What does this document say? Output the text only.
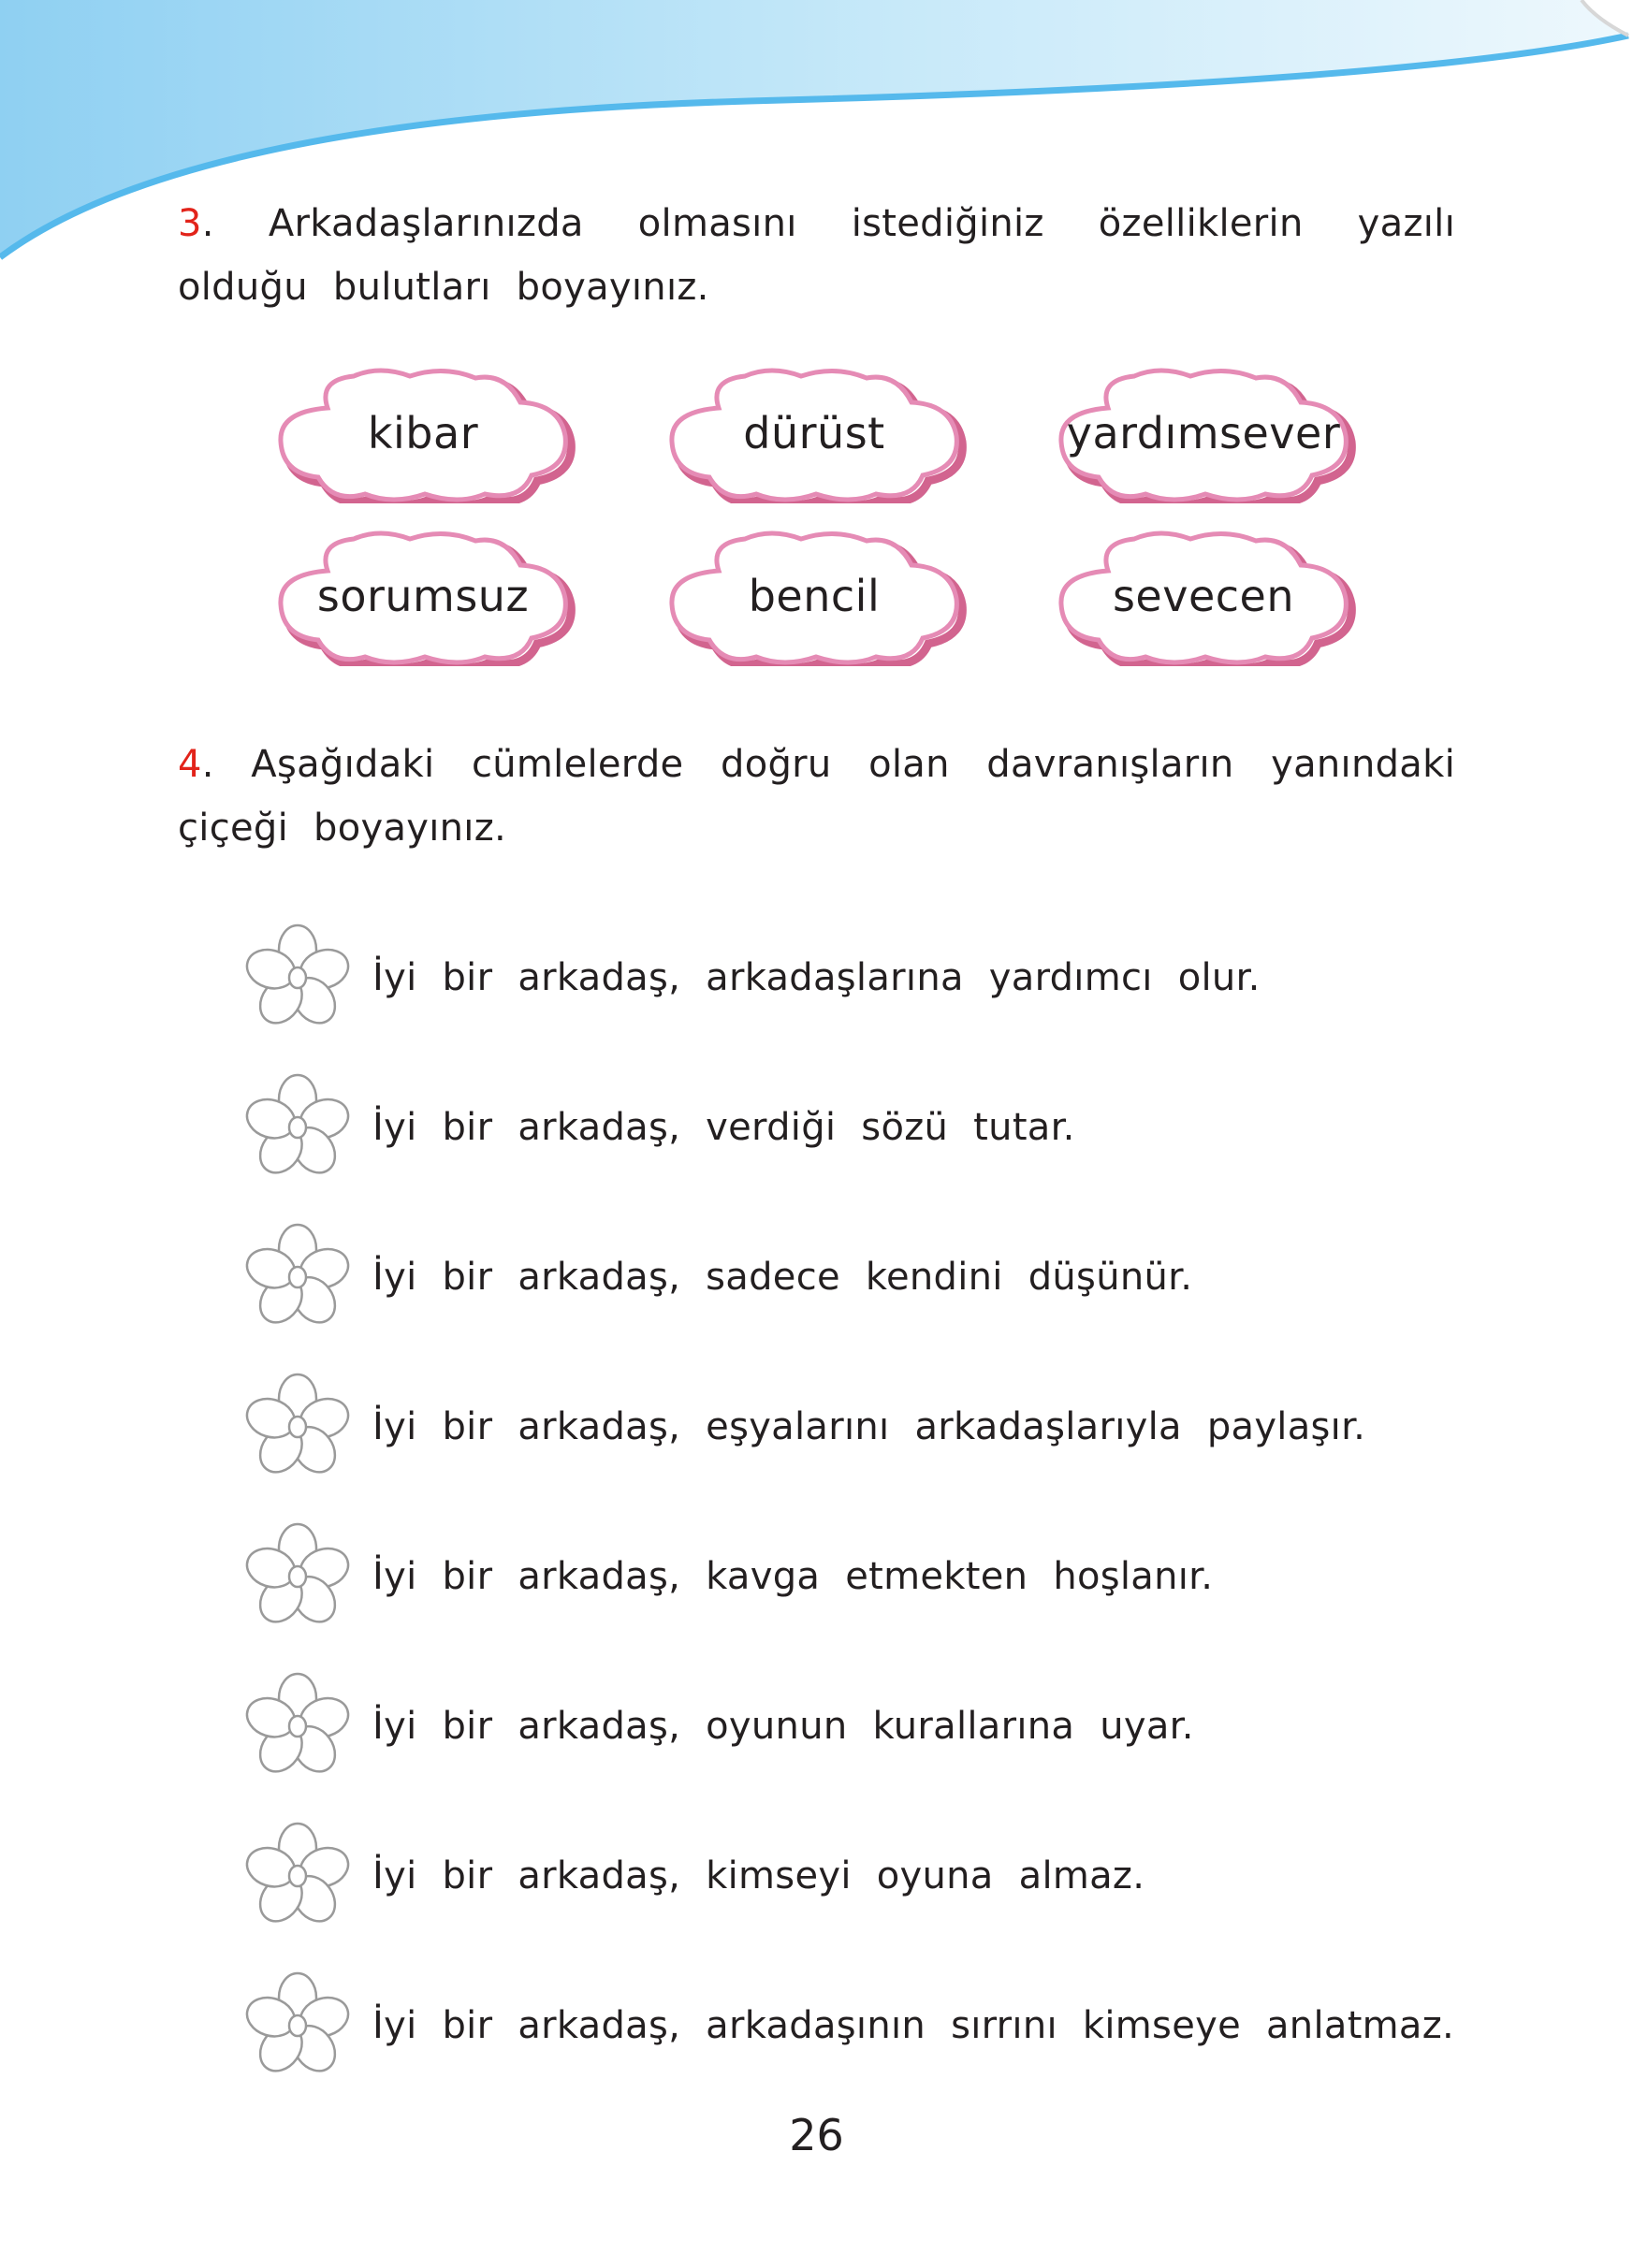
3. Arkadaşlarınızda olmasını istediğiniz özelliklerin yazılı olduğu bulutları boyayınız.
kibar	dürüst	yardımsever
sorumsuz	bencil	sevecen
4. Aşağıdaki cümlelerde doğru olan davranışların yanındaki çiçeği boyayınız.
İyi bir arkadaş, arkadaşlarına yardımcı olur.
İyi bir arkadaş, verdiği sözü tutar.
İyi bir arkadaş, sadece kendini düşünür.
İyi bir arkadaş, eşyalarını arkadaşlarıyla paylaşır.
İyi bir arkadaş, kavga etmekten hoşlanır.
İyi bir arkadaş, oyunun kurallarına uyar.
İyi bir arkadaş, kimseyi oyuna almaz.
İyi bir arkadaş, arkadaşının sırrını kimseye anlatmaz.
26
